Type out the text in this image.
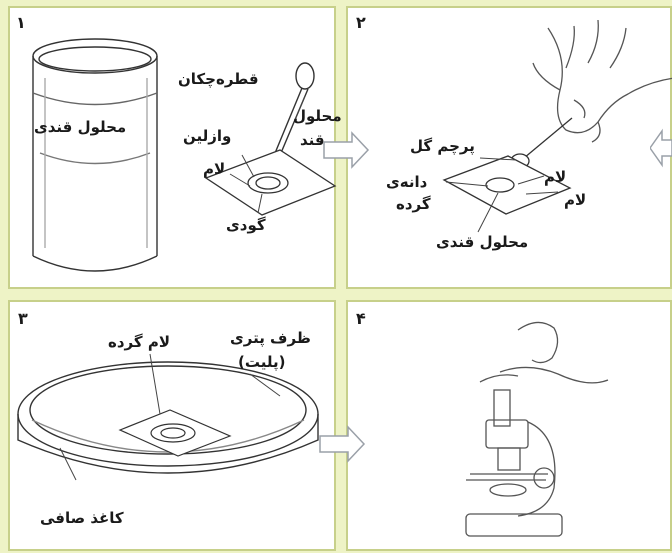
۱
محلول قندی
قطره‌چکان
محلول
قند
وازلین
لام
گودی
۲
پرچم گل
لام
لام
دانه‌ی
گرده
محلول قندی
۳
لام گرده	ظرف پتری
(پلیت)
کاغذ صافی
۴
